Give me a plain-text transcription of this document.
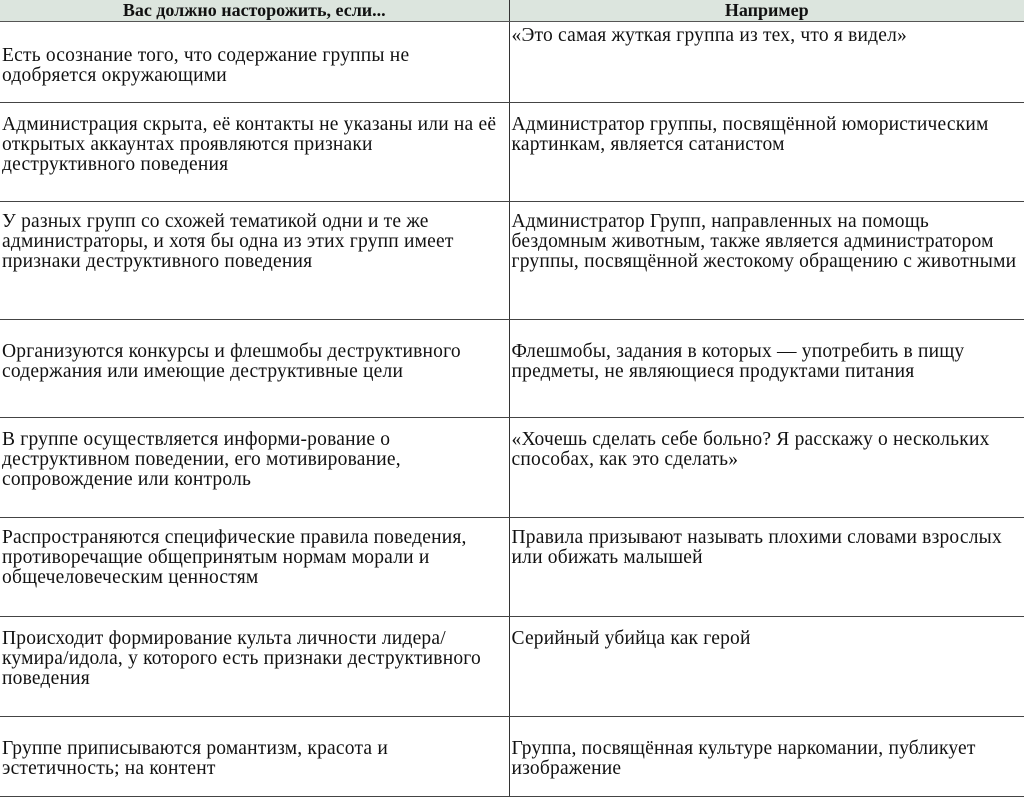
Вас должно насторожить, если...	Например

Есть осознание того, что содержание группы не одобряется окружающими	«Это самая жуткая группа из тех, что я видел»

Администрация скрыта, её контакты не указаны или на её открытых аккаунтах проявляются признаки деструктивного поведения	Администратор группы, посвящённой юмористическим картинкам, является сатанистом

У разных групп со схожей тематикой одни и те же администраторы, и хотя бы одна из этих групп имеет признаки деструктивного поведения	Администратор Групп, направленных на помощь бездомным животным, также является администратором группы, посвящённой жестокому обращению с животными

Организуются конкурсы и флешмобы деструктивного содержания или имеющие деструктивные цели	Флешмобы, задания в которых — употребить в пищу предметы, не являющиеся продуктами питания

В группе осуществляется информи-рование о деструктивном поведении, его мотивирование, сопровождение или контроль	«Хочешь сделать себе больно? Я расскажу о нескольких способах, как это сделать»

Распространяются специфические правила поведения, противоречащие общепринятым нормам морали и общечеловеческим ценностям	Правила призывают называть плохими словами взрослых или обижать малышей

Происходит формирование культа личности лидера/кумира/идола, у которого есть признаки деструктивного поведения	Серийный убийца как герой

Группе приписываются романтизм, красота и эстетичность; на контент	Группа, посвящённая культуре наркомании, публикует изображение
